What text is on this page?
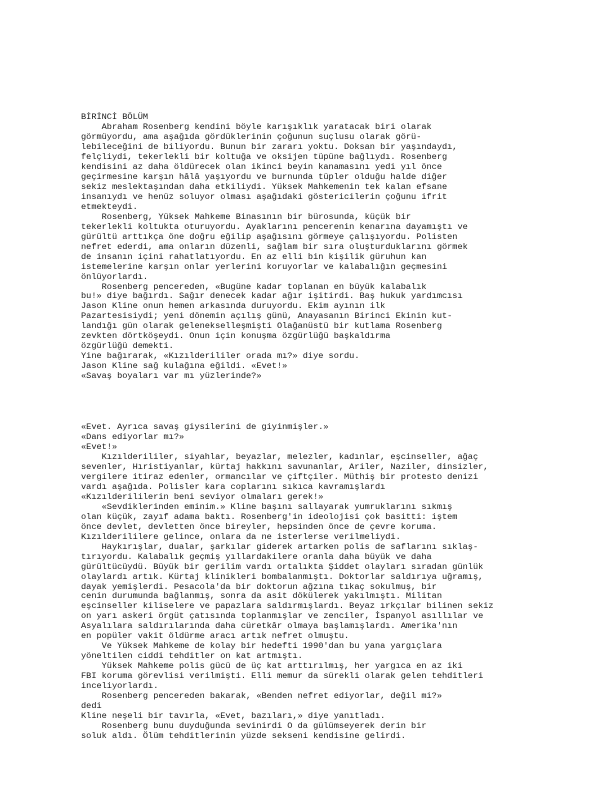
BİRİNCİ BÖLÜM

Abraham Rosenberg kendini böyle karışıklık yaratacak biri olarak

görmüyordu, ama aşağıda gördüklerinin çoğunun suçlusu olarak görü-

lebileceğini de biliyordu. Bunun bir zararı yoktu. Doksan bir yaşındaydı,

felçliydi, tekerlekli bir koltuğa ve oksijen tüpüne bağlıydı. Rosenberg

kendisini az daha öldürecek olan ikinci beyin kanamasını yedi yıl önce

geçirmesine karşın hâlâ yaşıyordu ve burnunda tüpler olduğu halde diğer

sekiz meslektaşından daha etkiliydi. Yüksek Mahkemenin tek kalan efsane

insanıydı ve henüz soluyor olması aşağıdaki göstericilerin çoğunu ifrit

etmekteydi.

Rosenberg, Yüksek Mahkeme Binasının bir bürosunda, küçük bir

tekerlekli koltukta oturuyordu. Ayaklarını pencerenin kenarına dayamıştı ve

gürültü arttıkça öne doğru eğilip aşağısını görmeye çalışıyordu. Polisten

nefret ederdi, ama onların düzenli, sağlam bir sıra oluşturduklarını görmek

de insanın içini rahatlatıyordu. En az elli bin kişilik güruhun kan

istemelerine karşın onlar yerlerini koruyorlar ve kalabalığın geçmesini

önlüyorlardı.

Rosenberg pencereden, «Bugüne kadar toplanan en büyük kalabalık

bu!» diye bağırdı. Sağır denecek kadar ağır işitirdi. Baş hukuk yardımcısı

Jason Kline onun hemen arkasında duruyordu. Ekim ayının ilk

Pazartesisiydi; yeni dönemin açılış günü, Anayasanın Birinci Ekinin kut-

landığı gün olarak gelenekselleşmişti Olağanüstü bir kutlama Rosenberg

zevkten dörtköşeydi. Onun için konuşma özgürlüğü başkaldırma

özgürlüğü demekti.

Yine bağırarak, «Kızılderililer orada mı?» diye sordu.

Jason Kline sağ kulağına eğildi. «Evet!»

«Savaş boyaları var mı yüzlerinde?»

«Evet. Ayrıca savaş giysilerini de giyinmişler.»

«Dans ediyorlar mı?»

«Evet!»

Kızılderililer, siyahlar, beyazlar, melezler, kadınlar, eşcinseller, ağaç

sevenler, Hıristiyanlar, kürtaj hakkını savunanlar, Ariler, Naziler, dinsizler,

vergilere itiraz edenler, ormancılar ve çiftçiler. Müthiş bir protesto denizi

vardı aşağıda. Polisler kara coplarını sıkıca kavramışlardı

«Kızılderililerin beni seviyor olmaları gerek!»

«Sevdiklerinden eminim.» Kline başını sallayarak yumruklarını sıkmış

olan küçük, zayıf adama baktı. Rosenberg'in ideolojisi çok basitti: iştem

önce devlet, devletten önce bireyler, hepsinden önce de çevre koruma.

Kızılderililere gelince, onlara da ne isterlerse verilmeliydi.

Haykırışlar, dualar, şarkılar giderek artarken polis de saflarını sıklaş-

tırıyordu. Kalabalık geçmiş yıllardakilere oranla daha büyük ve daha

gürültücüydü. Büyük bir gerilim vardı ortalıkta Şiddet olayları sıradan günlük

olaylardı artık. Kürtaj klinikleri bombalanmıştı. Doktorlar saldırıya uğramış,

dayak yemişlerdi. Pesacola'da bir doktorun ağzına tıkaç sokulmuş, bir

cenin durumunda bağlanmış, sonra da asit dökülerek yakılmıştı. Militan

eşcinseller kiliselere ve papazlara saldırmışlardı. Beyaz ırkçılar bilinen sekiz

on yarı askeri örgüt çatısında toplanmışlar ve zenciler, İspanyol asıllılar ve

Asyalılara saldırılarında daha cüretkâr olmaya başlamışlardı. Amerika'nın

en popüler vakit öldürme aracı artık nefret olmuştu.

Ve Yüksek Mahkeme de kolay bir hedefti 1990'dan bu yana yargıçlara

yöneltilen ciddi tehditler on kat artmıştı.

Yüksek Mahkeme polis gücü de üç kat arttırılmış, her yargıca en az iki

FBI koruma görevlisi verilmişti. Elli memur da sürekli olarak gelen tehditleri

inceliyorlardı.

Rosenberg pencereden bakarak, «Benden nefret ediyorlar, değil mi?»

dedi

Kline neşeli bir tavırla, «Evet, bazıları,» diye yanıtladı.

Rosenberg bunu duyduğunda sevinirdi O da gülümseyerek derin bir

soluk aldı. Ölüm tehditlerinin yüzde sekseni kendisine gelirdi.
